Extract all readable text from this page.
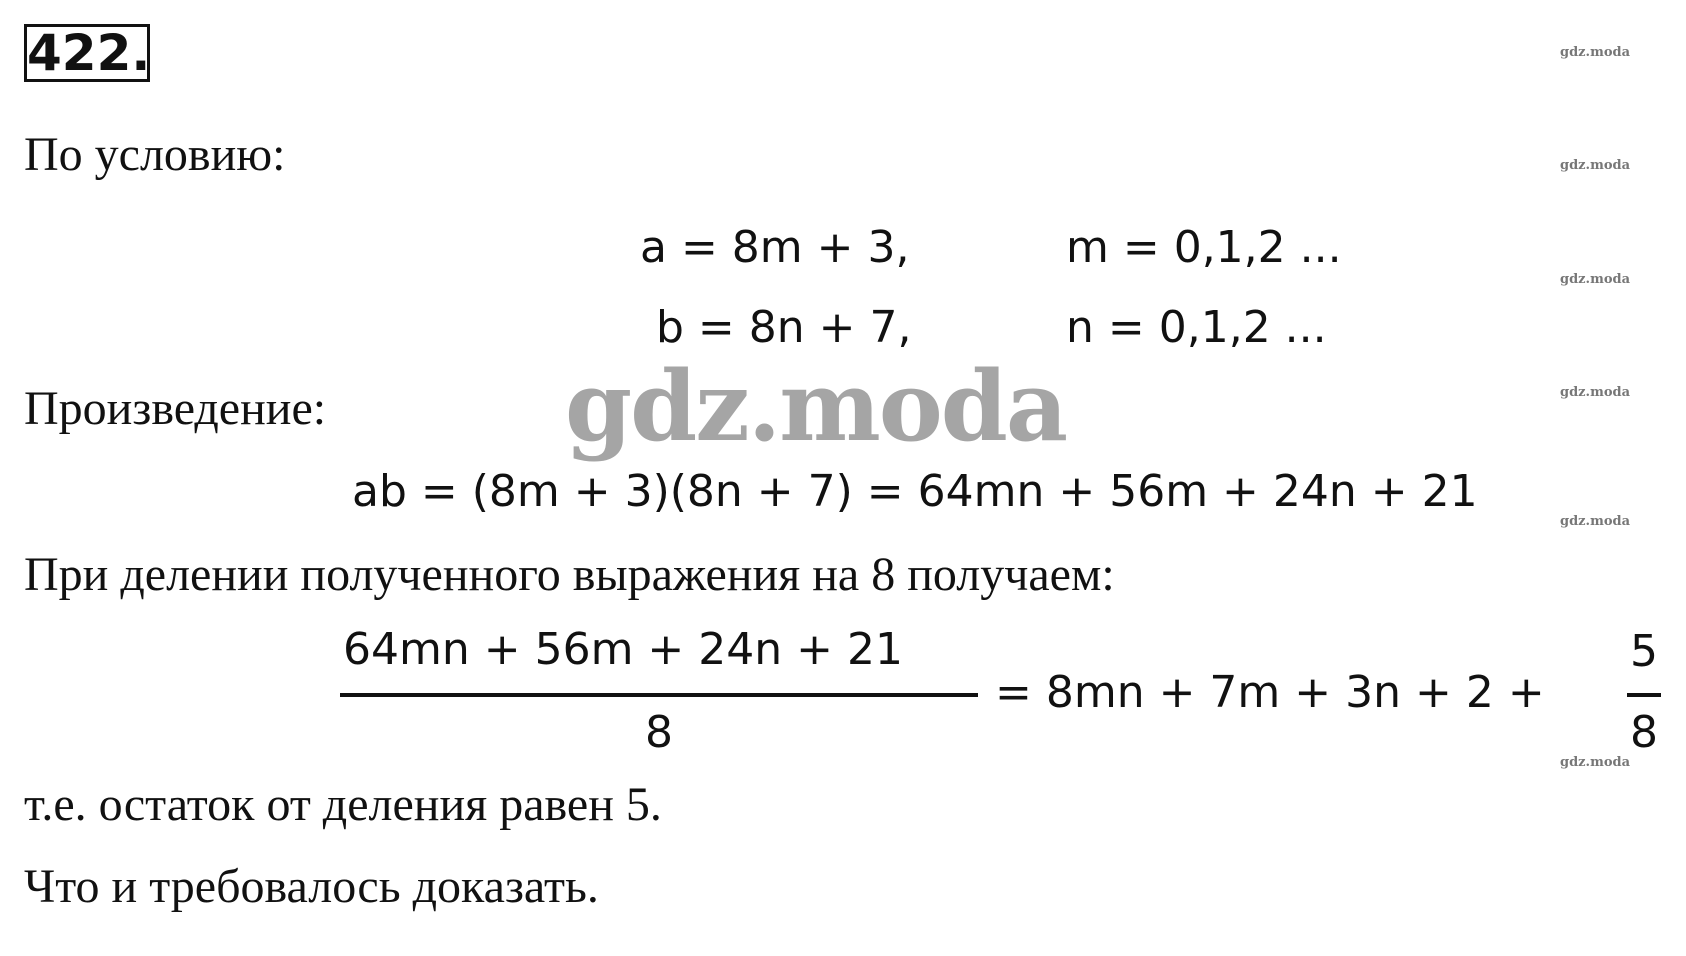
422.
По условию:
a = 8m + 3,	m = 0,1,2 ...
b = 8n + 7,	n = 0,1,2 ...
Произведение:
ab = (8m + 3)(8n + 7) = 64mn + 56m + 24n + 21
При делении полученного выражения на 8 получаем:
64mn + 56m + 24n + 21
8
= 8mn + 7m + 3n + 2 +
5
8
т.е. остаток от деления равен 5.
Что и требовалось доказать.
gdz.moda
gdz.moda
gdz.moda
gdz.moda
gdz.moda
gdz.moda
gdz.moda
